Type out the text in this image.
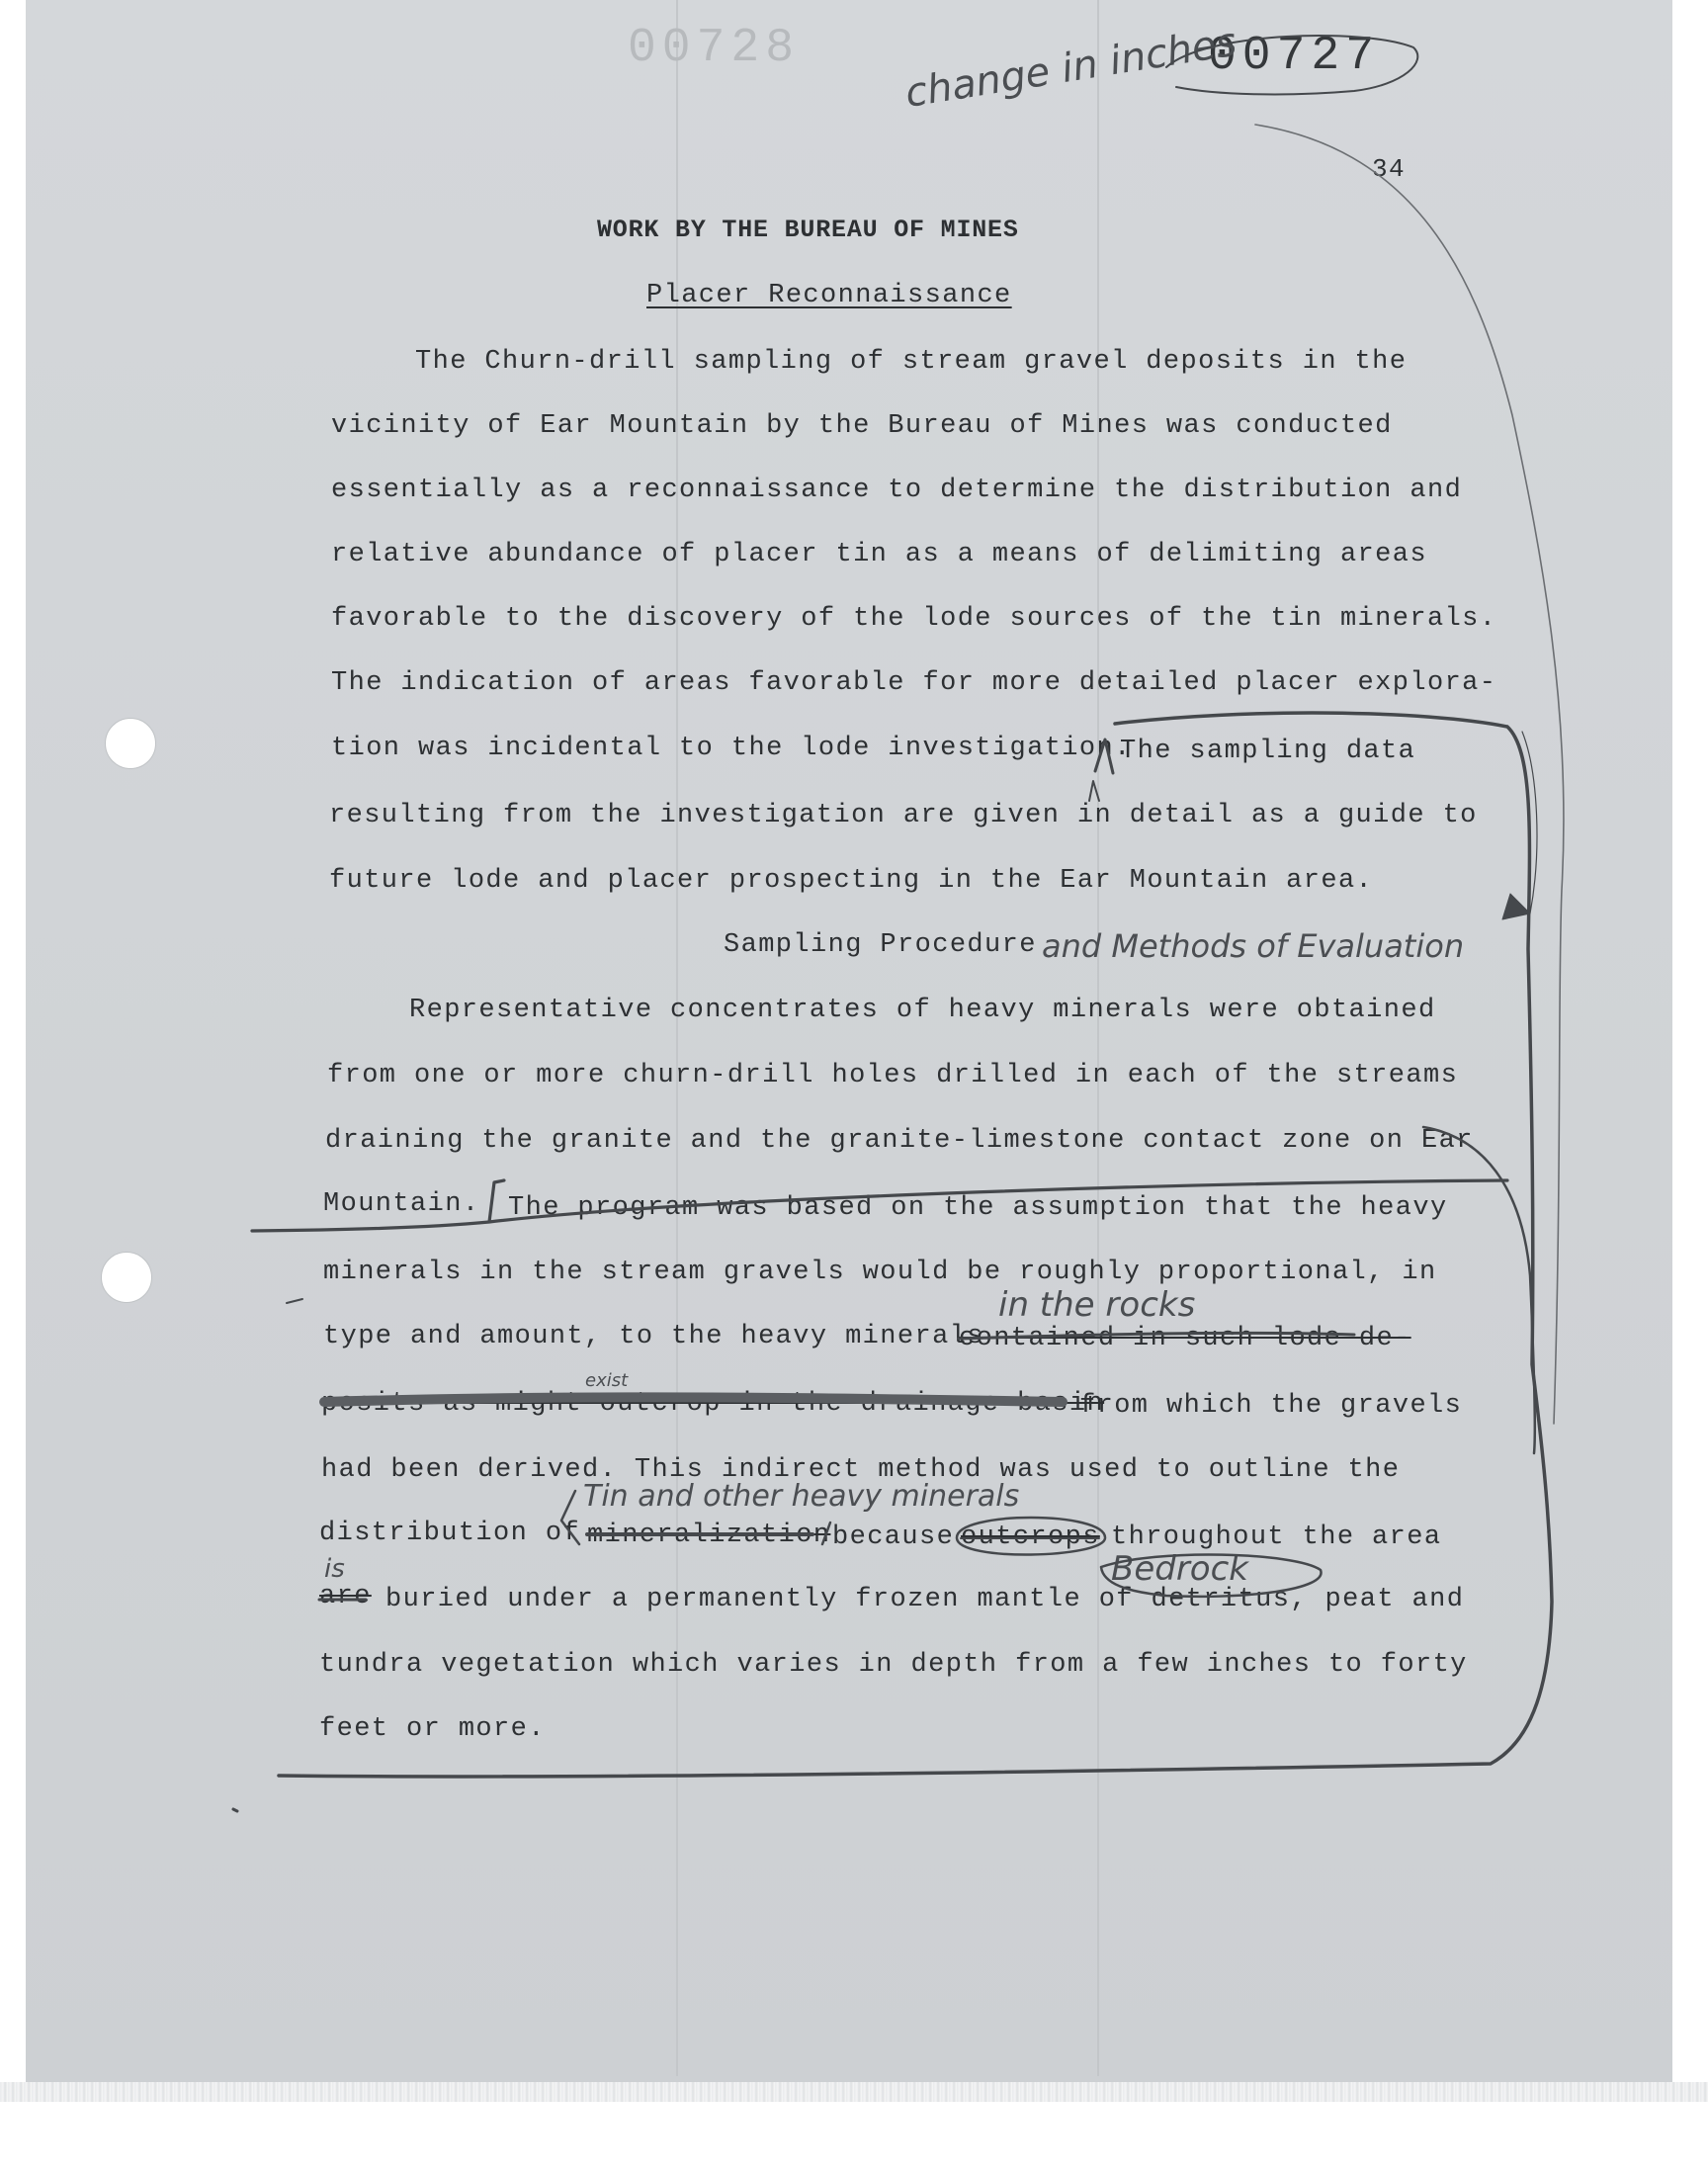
00728	00727
change in inches
34
WORK BY THE BUREAU OF MINES
Placer Reconnaissance
The Churn-drill sampling of stream gravel deposits in the
vicinity of Ear Mountain by the Bureau of Mines was conducted
essentially as a reconnaissance to determine the distribution and
relative abundance of placer tin as a means of delimiting areas
favorable to the discovery of the lode sources of the tin minerals.
The indication of areas favorable for more detailed placer explora-
tion was incidental to the lode investigation.
The sampling data
resulting from the investigation are given in detail as a guide to
future lode and placer prospecting in the Ear Mountain area.
Sampling Procedure and Methods of Evaluation
Representative concentrates of heavy minerals were obtained
from one or more churn-drill holes drilled in each of the streams
draining the granite and the granite-limestone contact zone on Ear
Mountain. The program was based on the assumption that the heavy
minerals in the stream gravels would be roughly proportional, in
type and amount, to the heavy minerals
contained in such lode de-
posits as might outcrop in the drainage basin
from which the gravels
had been derived. This indirect method was used to outline the
distribution of mineralization because outcrops throughout the area
are buried under a permanently frozen mantle of detritus, peat and
tundra vegetation which varies in depth from a few inches to forty
feet or more.
in the rocks
exist
Tin and other heavy minerals
Bedrock
is
